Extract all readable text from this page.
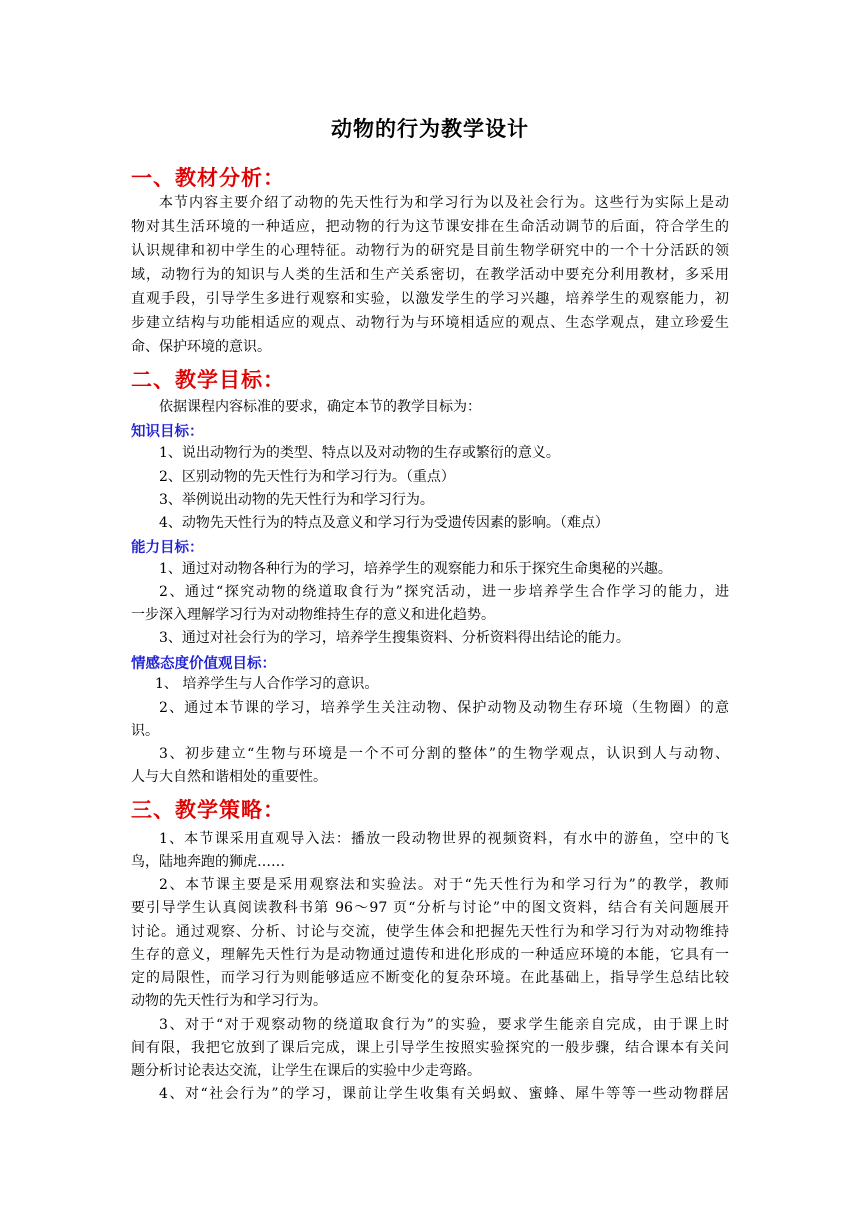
动物的行为教学设计
一、教材分析：
本节内容主要介绍了动物的先天性行为和学习行为以及社会行为。这些行为实际上是动
物对其生活环境的一种适应，把动物的行为这节课安排在生命活动调节的后面，符合学生的
认识规律和初中学生的心理特征。动物行为的研究是目前生物学研究中的一个十分活跃的领
域，动物行为的知识与人类的生活和生产关系密切，在教学活动中要充分利用教材，多采用
直观手段，引导学生多进行观察和实验，以激发学生的学习兴趣，培养学生的观察能力，初
步建立结构与功能相适应的观点、动物行为与环境相适应的观点、生态学观点，建立珍爱生
命、保护环境的意识。
二、教学目标：
依据课程内容标准的要求，确定本节的教学目标为：
知识目标：
1、说出动物行为的类型、特点以及对动物的生存或繁衍的意义。
2、区别动物的先天性行为和学习行为。（重点）
3、举例说出动物的先天性行为和学习行为。
4、动物先天性行为的特点及意义和学习行为受遗传因素的影响。（难点）
能力目标：
1、通过对动物各种行为的学习，培养学生的观察能力和乐于探究生命奥秘的兴趣。
2、通过“探究动物的绕道取食行为”探究活动，进一步培养学生合作学习的能力，进
一步深入理解学习行为对动物维持生存的意义和进化趋势。
3、通过对社会行为的学习，培养学生搜集资料、分析资料得出结论的能力。
情感态度价值观目标：
1、 培养学生与人合作学习的意识。
2、通过本节课的学习，培养学生关注动物、保护动物及动物生存环境（生物圈）的意
识。
3、初步建立“生物与环境是一个不可分割的整体”的生物学观点，认识到人与动物、
人与大自然和谐相处的重要性。
三、教学策略：
1、本节课采用直观导入法：播放一段动物世界的视频资料，有水中的游鱼，空中的飞
鸟，陆地奔跑的狮虎……
2、本节课主要是采用观察法和实验法。对于“先天性行为和学习行为”的教学，教师
要引导学生认真阅读教科书第 96～97 页“分析与讨论”中的图文资料，结合有关问题展开
讨论。通过观察、分析、讨论与交流，使学生体会和把握先天性行为和学习行为对动物维持
生存的意义，理解先天性行为是动物通过遗传和进化形成的一种适应环境的本能，它具有一
定的局限性，而学习行为则能够适应不断变化的复杂环境。在此基础上，指导学生总结比较
动物的先天性行为和学习行为。
3、对于“对于观察动物的绕道取食行为”的实验，要求学生能亲自完成，由于课上时
间有限，我把它放到了课后完成，课上引导学生按照实验探究的一般步骤，结合课本有关问
题分析讨论表达交流，让学生在课后的实验中少走弯路。
4、对“社会行为”的学习，课前让学生收集有关蚂蚁、蜜蜂、犀牛等等一些动物群居
